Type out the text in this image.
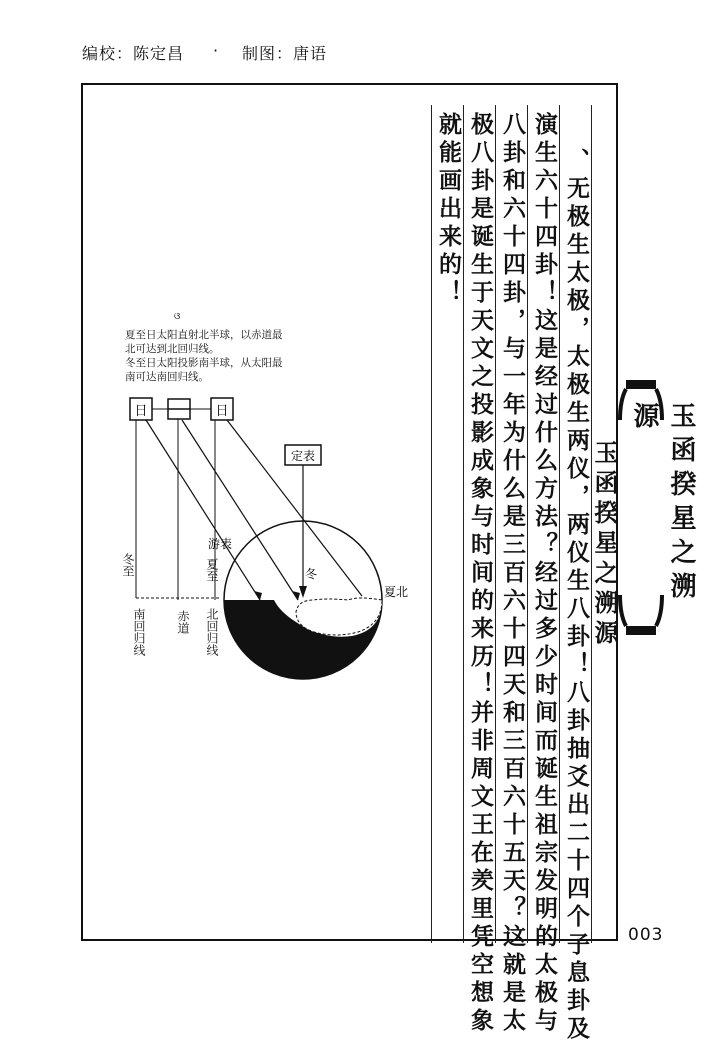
编校：陈定昌 · 制图：唐语
玉函揆星之溯源
003
、无极生太极，太极生两仪，两仪生八卦！八卦抽爻出二十四个子息卦及
演生六十四卦！这是经过什么方法？经过多少时间而诞生祖宗发明的太极与
八卦和六十四卦，与一年为什么是三百六十四天和三百六十五天？这就是太
极八卦是诞生于天文之投影成象与时间的来历！并非周文王在羑里凭空想象
就能画出来的！
玉函揆星之溯源
夏至日太阳直射北半球，以赤道最
北可达到北回归线。
冬至日太阳投影南半球，从太阳最
南可达南回归线。
ଓ
日	日
定表
游表
冬
夏北
冬至	夏至
南回归线	赤道 北回归线
